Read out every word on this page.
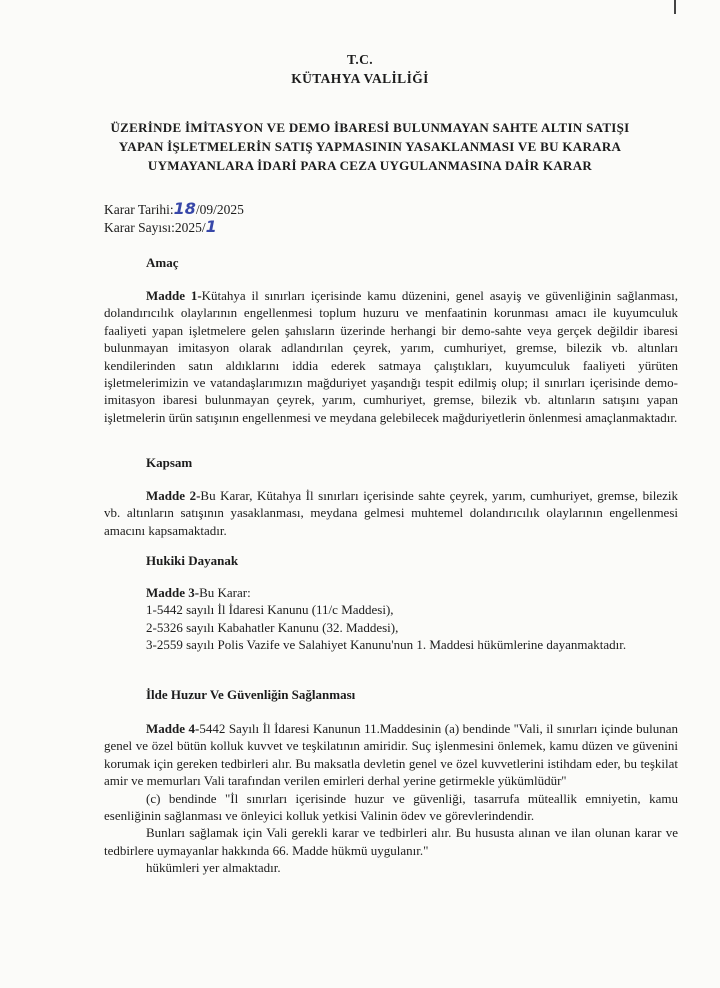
T.C.
KÜTAHYA VALİLİĞİ
ÜZERİNDE İMİTASYON VE DEMO İBARESİ BULUNMAYAN SAHTE ALTIN SATIŞI
YAPAN İŞLETMELERİN SATIŞ YAPMASININ YASAKLANMASI VE BU KARARA
UYMAYANLARA İDARİ PARA CEZA UYGULANMASINA DAİR KARAR
Karar Tarihi:18/09/2025
Karar Sayısı:2025/1
Amaç

Madde 1-Kütahya il sınırları içerisinde kamu düzenini, genel asayiş ve güvenliğinin sağlanması, dolandırıcılık olaylarının engellenmesi toplum huzuru ve menfaatinin korunması amacı ile kuyumculuk faaliyeti yapan işletmelere gelen şahısların üzerinde herhangi bir demo-sahte veya gerçek değildir ibaresi bulunmayan imitasyon olarak adlandırılan çeyrek, yarım, cumhuriyet, gremse, bilezik vb. altınları kendilerinden satın aldıklarını iddia ederek satmaya çalıştıkları, kuyumculuk faaliyeti yürüten işletmelerimizin ve vatandaşlarımızın mağduriyet yaşandığı tespit edilmiş olup; il sınırları içerisinde demo-imitasyon ibaresi bulunmayan çeyrek, yarım, cumhuriyet, gremse, bilezik vb. altınların satışını yapan işletmelerin ürün satışının engellenmesi ve meydana gelebilecek mağduriyetlerin önlenmesi amaçlanmaktadır.

Kapsam

Madde 2-Bu Karar, Kütahya İl sınırları içerisinde sahte çeyrek, yarım, cumhuriyet, gremse, bilezik vb. altınların satışının yasaklanması, meydana gelmesi muhtemel dolandırıcılık olaylarının engellenmesi amacını kapsamaktadır.

Hukiki Dayanak

Madde 3-Bu Karar:

1-5442 sayılı İl İdaresi Kanunu (11/c Maddesi),

2-5326 sayılı Kabahatler Kanunu (32. Maddesi),

3-2559 sayılı Polis Vazife ve Salahiyet Kanunu'nun 1. Maddesi hükümlerine dayanmaktadır.

İlde Huzur Ve Güvenliğin Sağlanması

Madde 4-5442 Sayılı İl İdaresi Kanunun 11.Maddesinin (a) bendinde ''Vali, il sınırları içinde bulunan genel ve özel bütün kolluk kuvvet ve teşkilatının amiridir. Suç işlenmesini önlemek, kamu düzen ve güvenini korumak için gereken tedbirleri alır. Bu maksatla devletin genel ve özel kuvvetlerini istihdam eder, bu teşkilat amir ve memurları Vali tarafından verilen emirleri derhal yerine getirmekle yükümlüdür''

(c) bendinde "İl sınırları içerisinde huzur ve güvenliği, tasarrufa müteallik emniyetin, kamu esenliğinin sağlanması ve önleyici kolluk yetkisi Valinin ödev ve görevlerindendir.

Bunları sağlamak için Vali gerekli karar ve tedbirleri alır. Bu hususta alınan ve ilan olunan karar ve tedbirlere uymayanlar hakkında 66. Madde hükmü uygulanır."

hükümleri yer almaktadır.
